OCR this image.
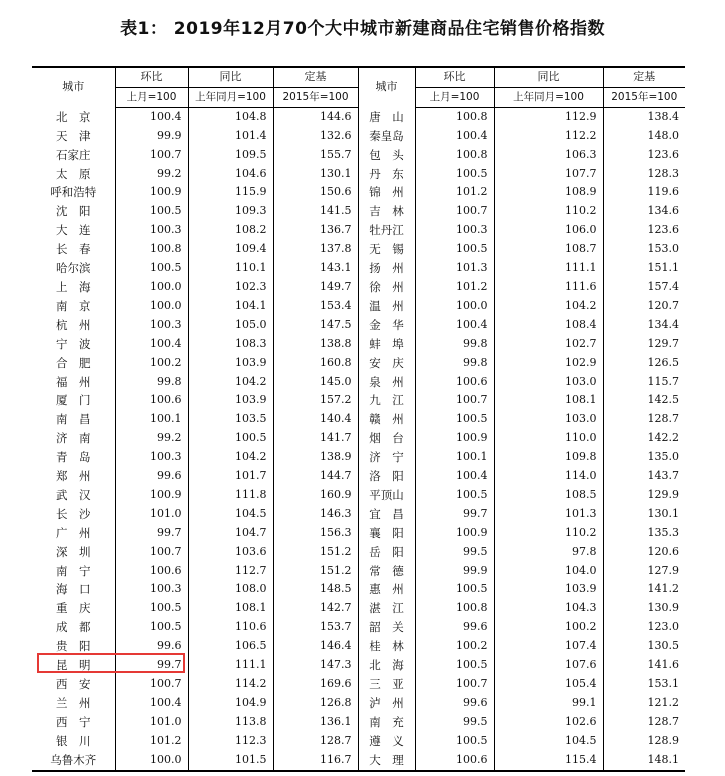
表1： 2019年12月70个大中城市新建商品住宅销售价格指数
城市	环比	同比	定基	城市	环比	同比	定基
	上月=100	上年同月=100	2015年=100		上月=100	上年同月=100	2015年=100
北　京	100.4	104.8	144.6	唐　山	100.8	112.9	138.4
天　津	99.9	101.4	132.6	秦皇岛	100.4	112.2	148.0
石家庄	100.7	109.5	155.7	包　头	100.8	106.3	123.6
太　原	99.2	104.6	130.1	丹　东	100.5	107.7	128.3
呼和浩特	100.9	115.9	150.6	锦　州	101.2	108.9	119.6
沈　阳	100.5	109.3	141.5	吉　林	100.7	110.2	134.6
大　连	100.3	108.2	136.7	牡丹江	100.3	106.0	123.6
长　春	100.8	109.4	137.8	无　锡	100.5	108.7	153.0
哈尔滨	100.5	110.1	143.1	扬　州	101.3	111.1	151.1
上　海	100.0	102.3	149.7	徐　州	101.2	111.6	157.4
南　京	100.0	104.1	153.4	温　州	100.0	104.2	120.7
杭　州	100.3	105.0	147.5	金　华	100.4	108.4	134.4
宁　波	100.4	108.3	138.8	蚌　埠	99.8	102.7	129.7
合　肥	100.2	103.9	160.8	安　庆	99.8	102.9	126.5
福　州	99.8	104.2	145.0	泉　州	100.6	103.0	115.7
厦　门	100.6	103.9	157.2	九　江	100.7	108.1	142.5
南　昌	100.1	103.5	140.4	赣　州	100.5	103.0	128.7
济　南	99.2	100.5	141.7	烟　台	100.9	110.0	142.2
青　岛	100.3	104.2	138.9	济　宁	100.1	109.8	135.0
郑　州	99.6	101.7	144.7	洛　阳	100.4	114.0	143.7
武　汉	100.9	111.8	160.9	平顶山	100.5	108.5	129.9
长　沙	101.0	104.5	146.3	宜　昌	99.7	101.3	130.1
广　州	99.7	104.7	156.3	襄　阳	100.9	110.2	135.3
深　圳	100.7	103.6	151.2	岳　阳	99.5	97.8	120.6
南　宁	100.6	112.7	151.2	常　德	99.9	104.0	127.9
海　口	100.3	108.0	148.5	惠　州	100.5	103.9	141.2
重　庆	100.5	108.1	142.7	湛　江	100.8	104.3	130.9
成　都	100.5	110.6	153.7	韶　关	99.6	100.2	123.0
贵　阳	99.6	106.5	146.4	桂　林	100.2	107.4	130.5
昆　明	99.7	111.1	147.3	北　海	100.5	107.6	141.6
西　安	100.7	114.2	169.6	三　亚	100.7	105.4	153.1
兰　州	100.4	104.9	126.8	泸　州	99.6	99.1	121.2
西　宁	101.0	113.8	136.1	南　充	99.5	102.6	128.7
银　川	101.2	112.3	128.7	遵　义	100.5	104.5	128.9
乌鲁木齐	100.0	101.5	116.7	大　理	100.6	115.4	148.1
